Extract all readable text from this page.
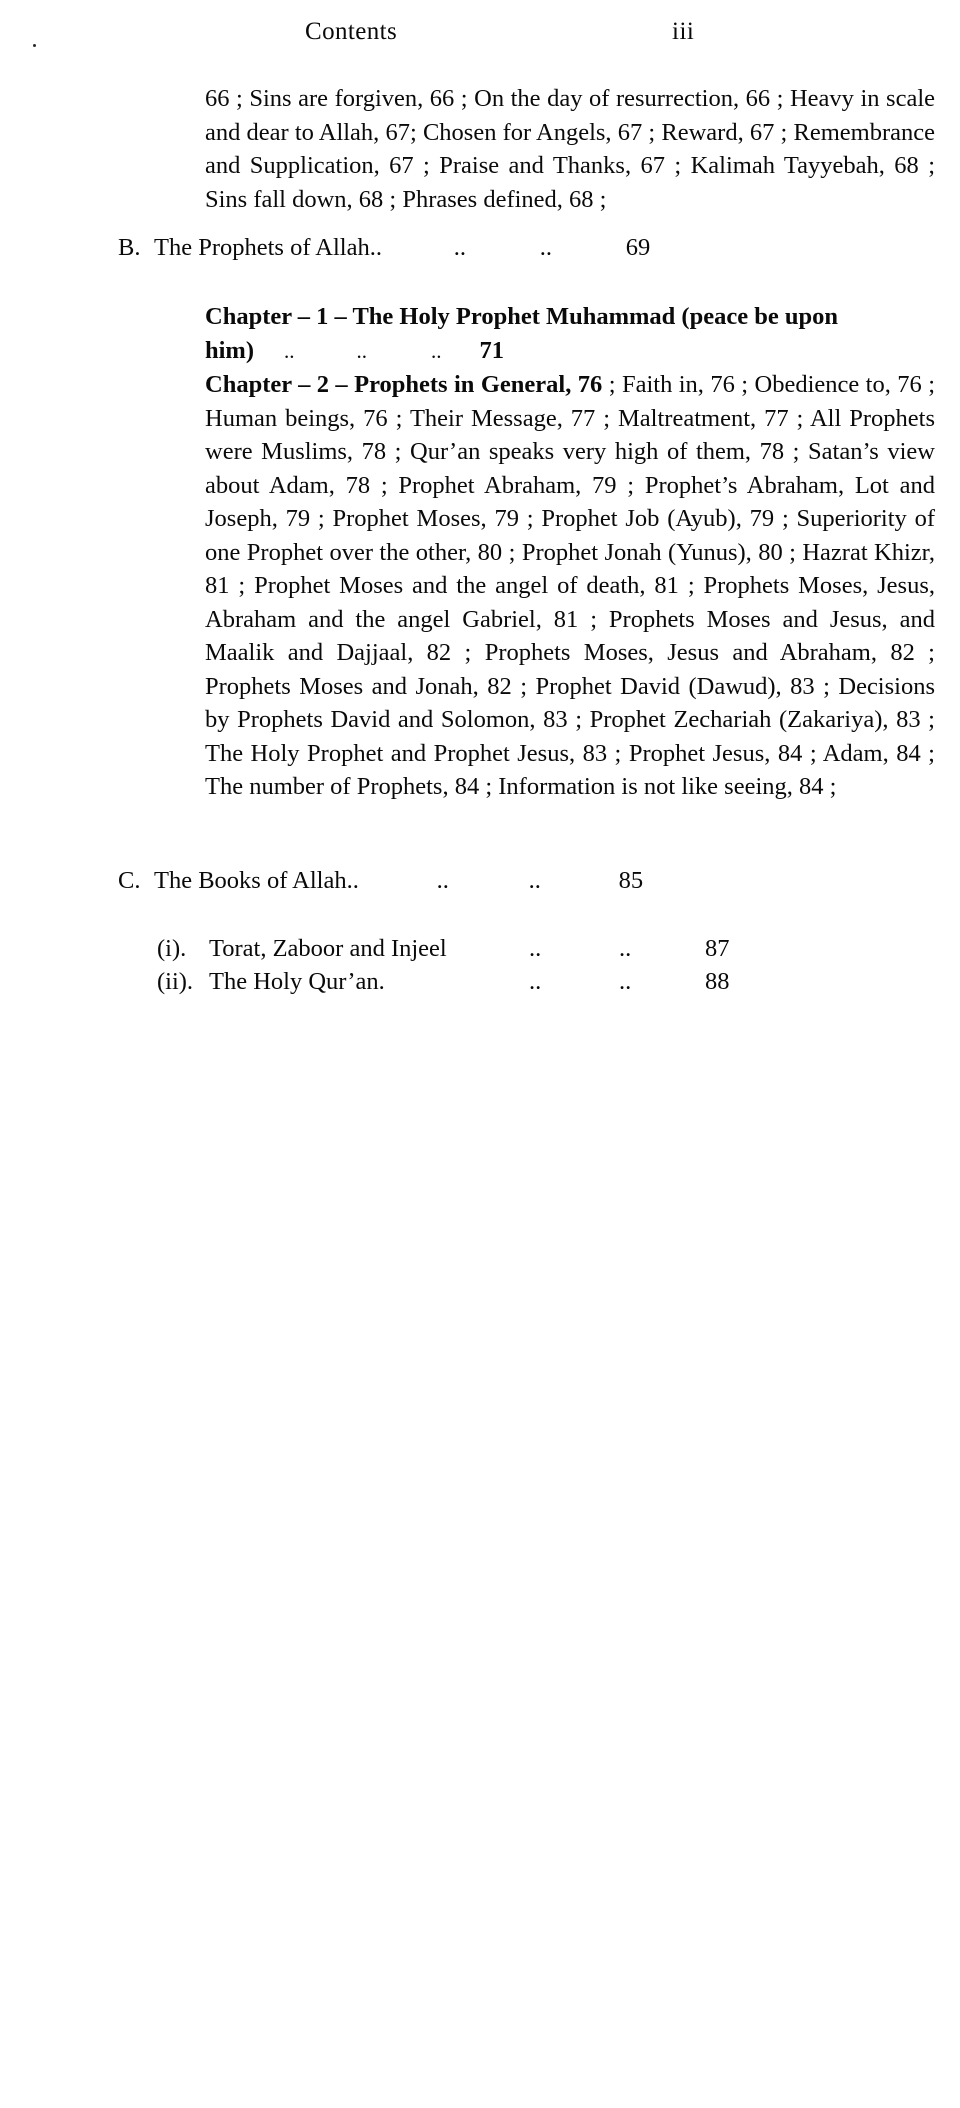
Contents	iii
66 ; Sins are forgiven, 66 ; On the day of resurrection, 66 ; Heavy in scale and dear to Allah, 67; Chosen for Angels, 67 ; Reward, 67 ; Remembrance and Supplication, 67 ; Praise and Thanks, 67 ; Kalimah Tayyebah, 68 ; Sins fall down, 68 ; Phrases defined, 68 ;
B. The Prophets of Allah ..	..	..	69
Chapter – 1 – The Holy Prophet Muhammad (peace be upon
him) ..	..	.. 71
Chapter – 2 – Prophets in General, 76 ; Faith in, 76 ; Obedience to, 76 ; Human beings, 76 ; Their Message, 77 ; Maltreatment, 77 ; All Prophets were Muslims, 78 ; Qur’an speaks very high of them, 78 ; Satan’s view about Adam, 78 ; Prophet Abraham, 79 ; Prophet’s Abraham, Lot and Joseph, 79 ; Prophet Moses, 79 ; Prophet Job (Ayub), 79 ; Superiority of one Prophet over the other, 80 ; Prophet Jonah (Yunus), 80 ; Hazrat Khizr, 81 ; Prophet Moses and the angel of death, 81 ; Prophets Moses, Jesus, Abraham and the angel Gabriel, 81 ; Prophets Moses and Jesus, and Maalik and Dajjaal, 82 ; Prophets Moses, Jesus and Abraham, 82 ; Prophets Moses and Jonah, 82 ; Prophet David (Dawud), 83 ; Decisions by Prophets David and Solomon, 83 ; Prophet Zechariah (Zakariya), 83 ; The Holy Prophet and Prophet Jesus, 83 ; Prophet Jesus, 84 ; Adam, 84 ; The number of Prophets, 84 ; Information is not like seeing, 84 ;
C. The Books of Allah ..	..	..	85
(i). Torat, Zaboor and Injeel	..	..	87
(ii). The Holy Qur’an.	..	..	88
